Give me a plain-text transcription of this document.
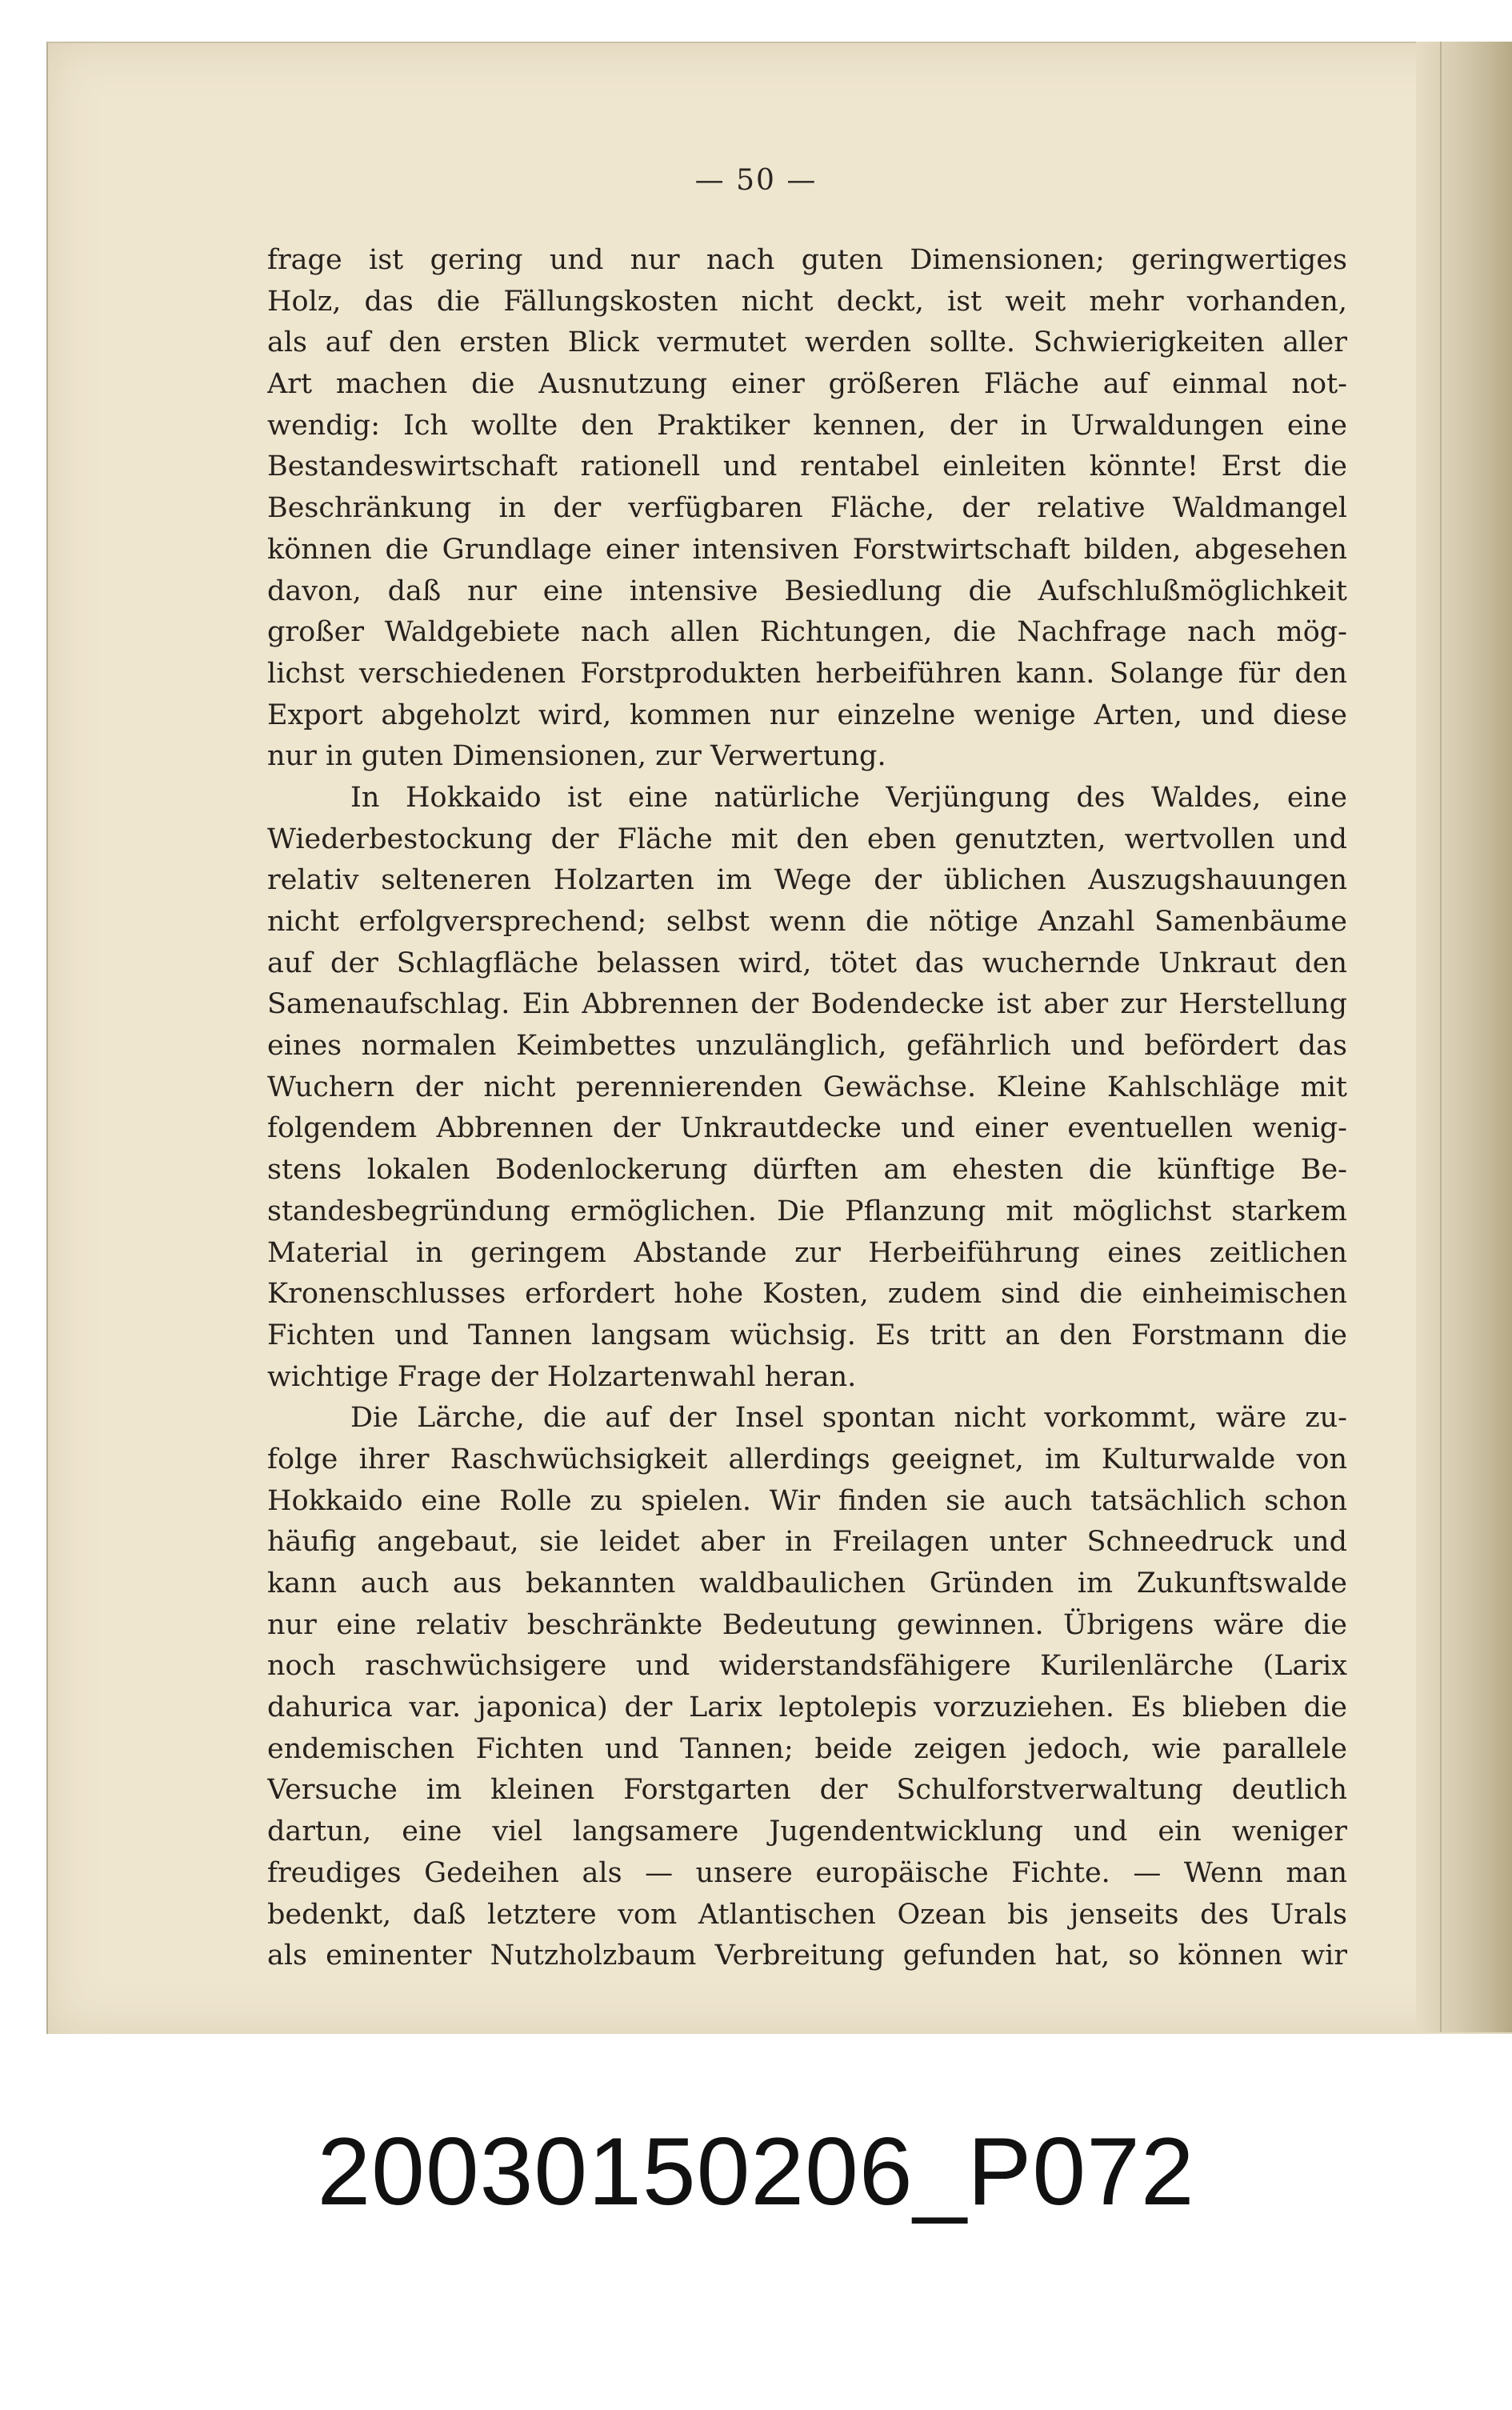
— 50 —
frage ist gering und nur nach guten Dimensionen; geringwertiges
Holz, das die Fällungskosten nicht deckt, ist weit mehr vorhanden,
als auf den ersten Blick vermutet werden sollte. Schwierigkeiten aller
Art machen die Ausnutzung einer größeren Fläche auf einmal not-
wendig: Ich wollte den Praktiker kennen, der in Urwaldungen eine
Bestandeswirtschaft rationell und rentabel einleiten könnte! Erst die
Beschränkung in der verfügbaren Fläche, der relative Waldmangel
können die Grundlage einer intensiven Forstwirtschaft bilden, abgesehen
davon, daß nur eine intensive Besiedlung die Aufschlußmöglichkeit
großer Waldgebiete nach allen Richtungen, die Nachfrage nach mög-
lichst verschiedenen Forstprodukten herbeiführen kann. Solange für den
Export abgeholzt wird, kommen nur einzelne wenige Arten, und diese
nur in guten Dimensionen, zur Verwertung.
In Hokkaido ist eine natürliche Verjüngung des Waldes, eine
Wiederbestockung der Fläche mit den eben genutzten, wertvollen und
relativ selteneren Holzarten im Wege der üblichen Auszugshauungen
nicht erfolgversprechend; selbst wenn die nötige Anzahl Samenbäume
auf der Schlagfläche belassen wird, tötet das wuchernde Unkraut den
Samenaufschlag. Ein Abbrennen der Bodendecke ist aber zur Herstellung
eines normalen Keimbettes unzulänglich, gefährlich und befördert das
Wuchern der nicht perennierenden Gewächse. Kleine Kahlschläge mit
folgendem Abbrennen der Unkrautdecke und einer eventuellen wenig-
stens lokalen Bodenlockerung dürften am ehesten die künftige Be-
standesbegründung ermöglichen. Die Pflanzung mit möglichst starkem
Material in geringem Abstande zur Herbeiführung eines zeitlichen
Kronenschlusses erfordert hohe Kosten, zudem sind die einheimischen
Fichten und Tannen langsam wüchsig. Es tritt an den Forstmann die
wichtige Frage der Holzartenwahl heran.
Die Lärche, die auf der Insel spontan nicht vorkommt, wäre zu-
folge ihrer Raschwüchsigkeit allerdings geeignet, im Kulturwalde von
Hokkaido eine Rolle zu spielen. Wir finden sie auch tatsächlich schon
häufig angebaut, sie leidet aber in Freilagen unter Schneedruck und
kann auch aus bekannten waldbaulichen Gründen im Zukunftswalde
nur eine relativ beschränkte Bedeutung gewinnen. Übrigens wäre die
noch raschwüchsigere und widerstandsfähigere Kurilenlärche (Larix
dahurica var. japonica) der Larix leptolepis vorzuziehen. Es blieben die
endemischen Fichten und Tannen; beide zeigen jedoch, wie parallele
Versuche im kleinen Forstgarten der Schulforstverwaltung deutlich
dartun, eine viel langsamere Jugendentwicklung und ein weniger
freudiges Gedeihen als — unsere europäische Fichte. — Wenn man
bedenkt, daß letztere vom Atlantischen Ozean bis jenseits des Urals
als eminenter Nutzholzbaum Verbreitung gefunden hat, so können wir
20030150206_P072
